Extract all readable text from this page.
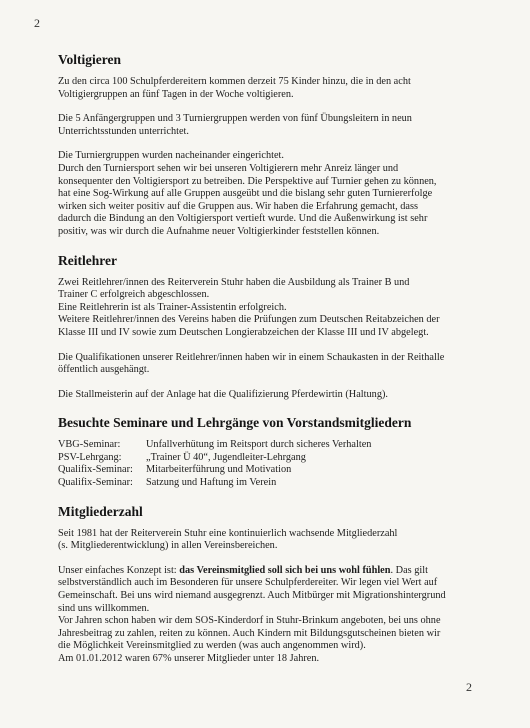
2
Voltigieren

Zu den circa 100 Schulpferdereitern kommen derzeit 75 Kinder hinzu, die in den acht
Voltigiergruppen an fünf Tagen in der Woche voltigieren.

Die 5 Anfängergruppen und 3 Turniergruppen werden von fünf Übungsleitern in neun
Unterrichtsstunden unterrichtet.

Die Turniergruppen wurden nacheinander eingerichtet.
Durch den Turniersport sehen wir bei unseren Voltigierern mehr Anreiz länger und
konsequenter den Voltigiersport zu betreiben. Die Perspektive auf Turnier gehen zu können,
hat eine Sog-Wirkung auf alle Gruppen ausgeübt und die bislang sehr guten Turniererfolge
wirken sich weiter positiv auf die Gruppen aus. Wir haben die Erfahrung gemacht, dass
dadurch die Bindung an den Voltigiersport vertieft wurde. Und die Außenwirkung ist sehr
positiv, was wir durch die Aufnahme neuer Voltigierkinder feststellen können.

Reitlehrer

Zwei Reitlehrer/innen des Reiterverein Stuhr haben die Ausbildung als Trainer B und
Trainer C erfolgreich abgeschlossen.
Eine Reitlehrerin ist als Trainer-Assistentin erfolgreich.
Weitere Reitlehrer/innen des Vereins haben die Prüfungen zum Deutschen Reitabzeichen der
Klasse III und IV sowie zum Deutschen Longierabzeichen der Klasse III und IV abgelegt.

Die Qualifikationen unserer Reitlehrer/innen haben wir in einem Schaukasten in der Reithalle
öffentlich ausgehängt.

Die Stallmeisterin auf der Anlage hat die Qualifizierung Pferdewirtin (Haltung).

Besuchte Seminare und Lehrgänge von Vorstandsmitgliedern
VBG-Seminar:	Unfallverhütung im Reitsport durch sicheres Verhalten
PSV-Lehrgang:	„Trainer Ü 40“, Jugendleiter-Lehrgang
Qualifix-Seminar:	Mitarbeiterführung und Motivation
Qualifix-Seminar:	Satzung und Haftung im Verein
Mitgliederzahl

Seit 1981 hat der Reiterverein Stuhr eine kontinuierlich wachsende Mitgliederzahl
(s. Mitgliederentwicklung) in allen Vereinsbereichen.

Unser einfaches Konzept ist: das Vereinsmitglied soll sich bei uns wohl fühlen. Das gilt
selbstverständlich auch im Besonderen für unsere Schulpferdereiter. Wir legen viel Wert auf
Gemeinschaft. Bei uns wird niemand ausgegrenzt. Auch Mitbürger mit Migrationshintergrund
sind uns willkommen.
Vor Jahren schon haben wir dem SOS-Kinderdorf in Stuhr-Brinkum angeboten, bei uns ohne
Jahresbeitrag zu zahlen, reiten zu können. Auch Kindern mit Bildungsgutscheinen bieten wir
die Möglichkeit Vereinsmitglied zu werden (was auch angenommen wird).
Am 01.01.2012 waren 67% unserer Mitglieder unter 18 Jahren.

2
